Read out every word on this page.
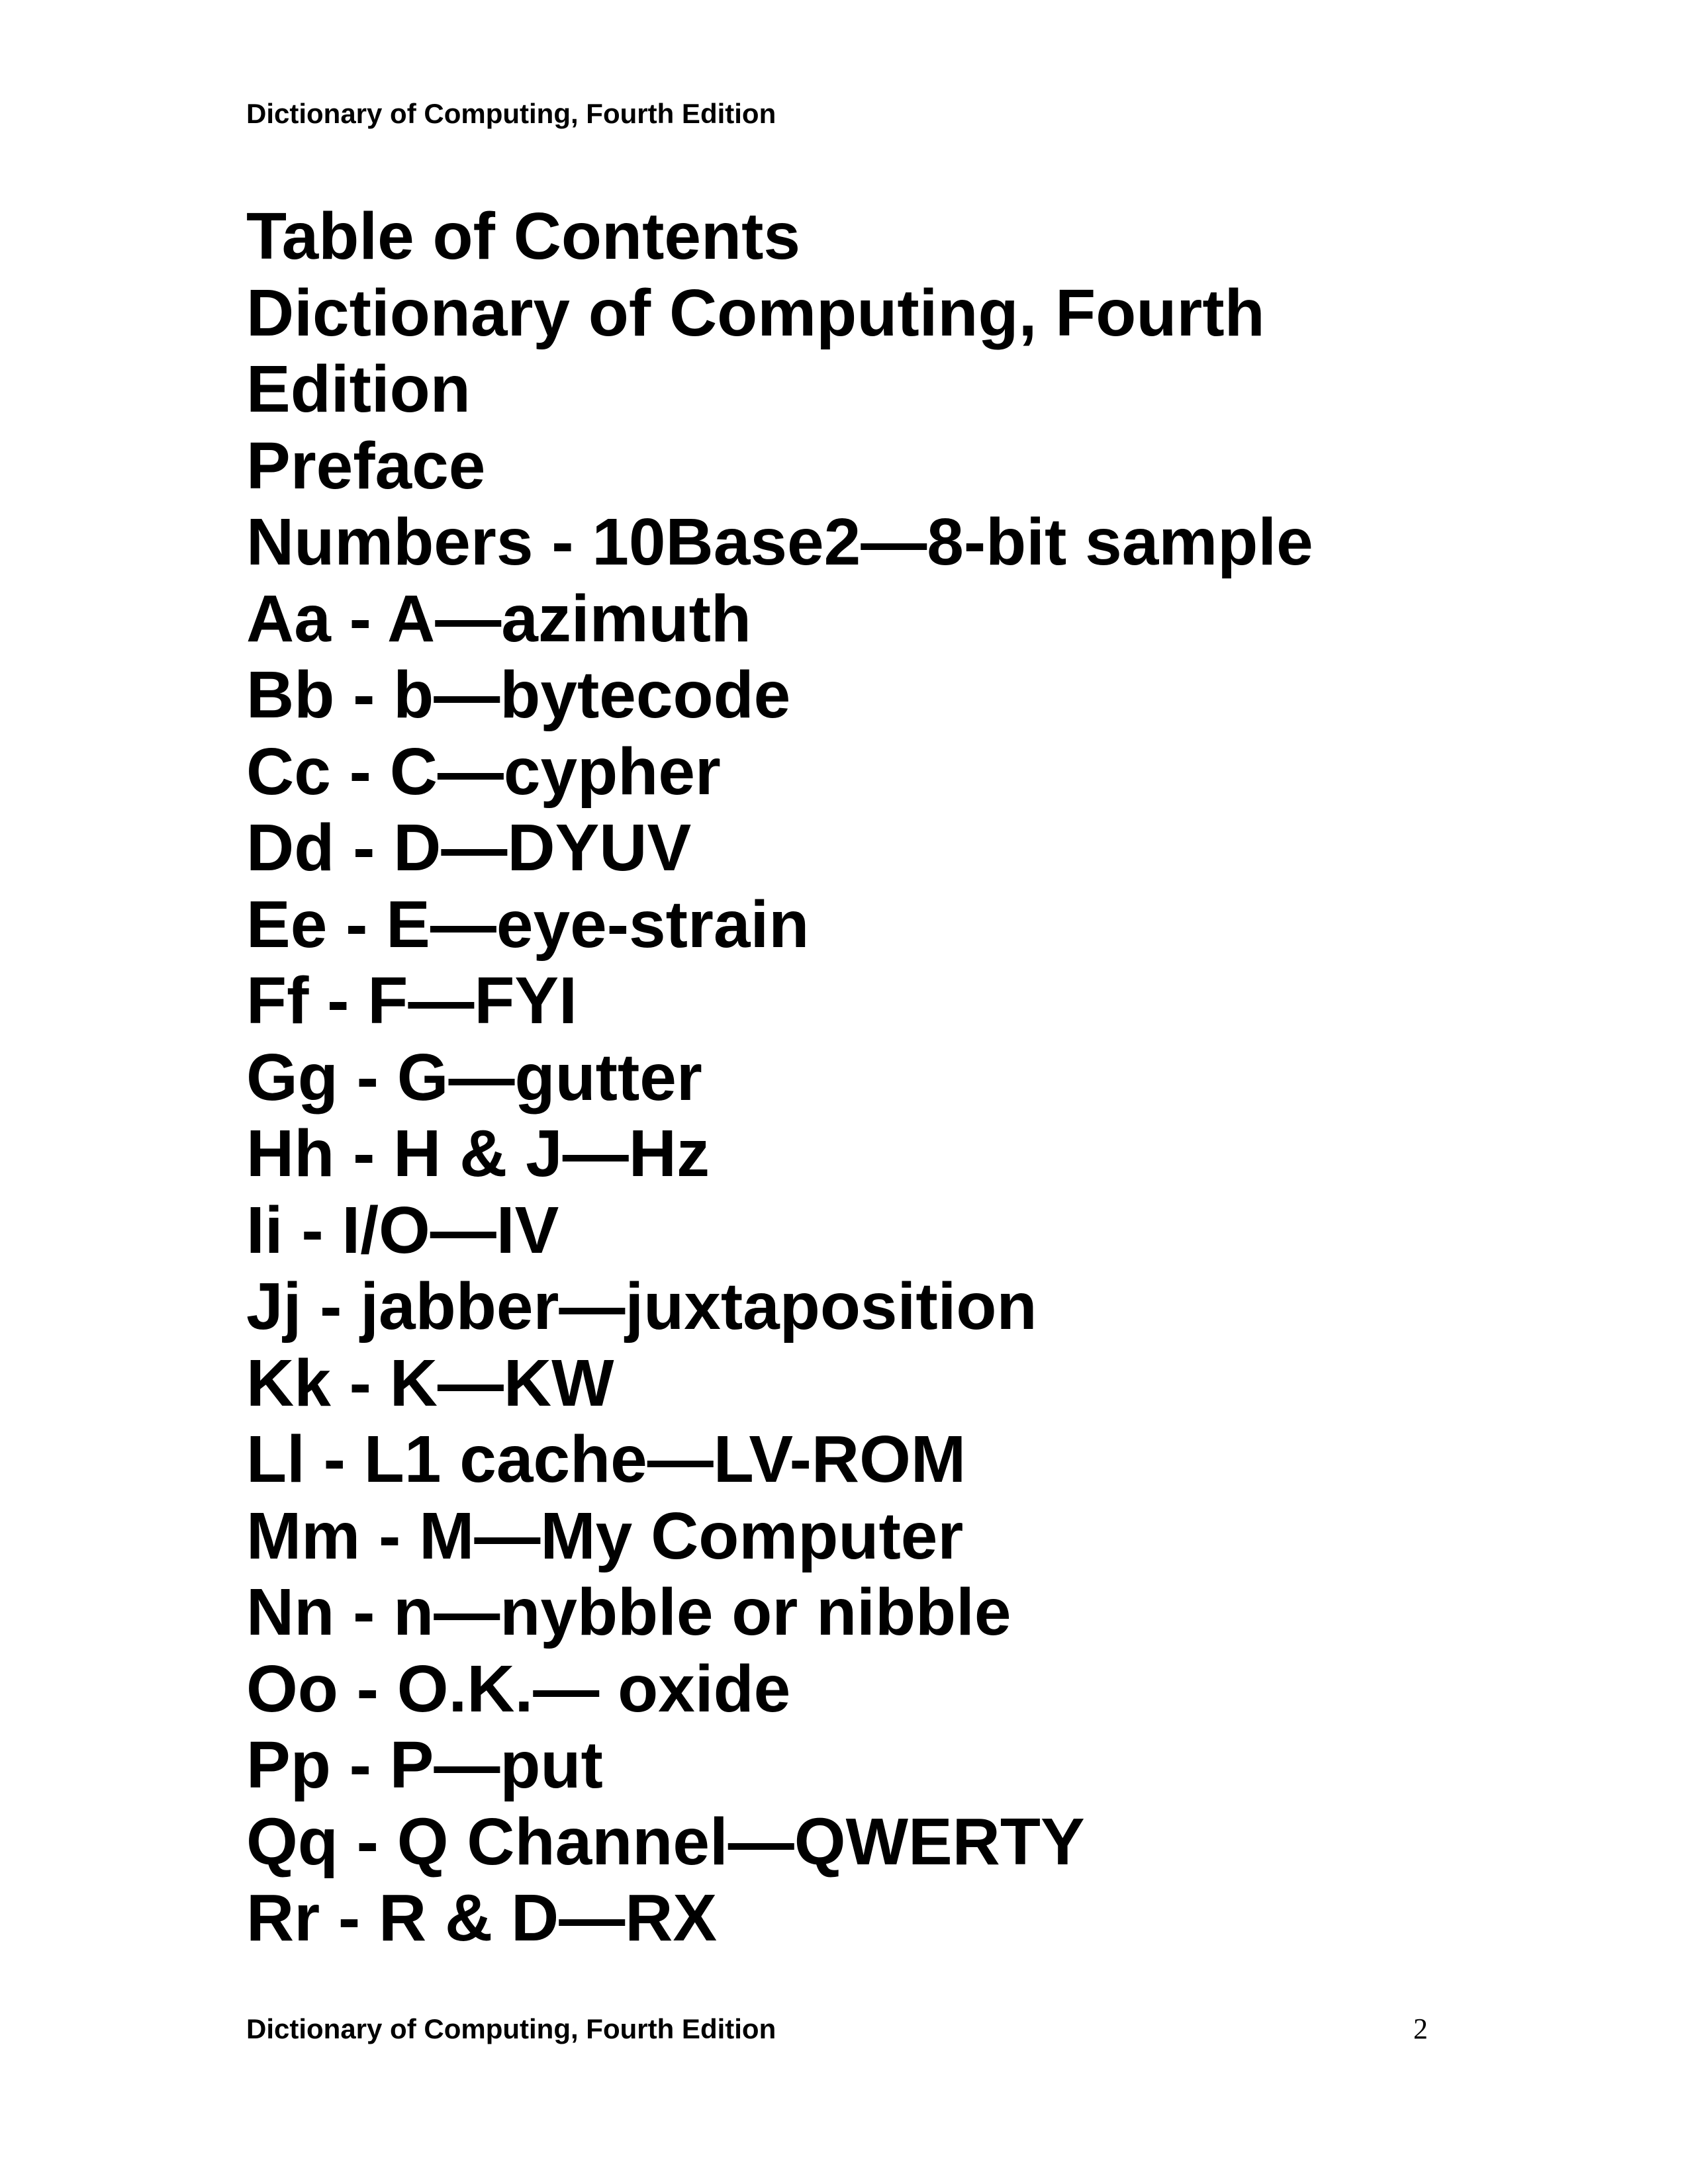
Dictionary of Computing, Fourth Edition
Table of Contents
Dictionary of Computing, Fourth
Edition
Preface
Numbers - 10Base2—8-bit sample
Aa - A—azimuth
Bb - b—bytecode
Cc - C—cypher
Dd - D—DYUV
Ee - E—eye-strain
Ff - F—FYI
Gg - G—gutter
Hh - H & J—Hz
Ii - I/O—IV
Jj - jabber—juxtaposition
Kk - K—KW
Ll - L1 cache—LV-ROM
Mm - M—My Computer
Nn - n—nybble or nibble
Oo - O.K.— oxide
Pp - P—put
Qq - Q Channel—QWERTY
Rr - R & D—RX
Dictionary of Computing, Fourth Edition	2
